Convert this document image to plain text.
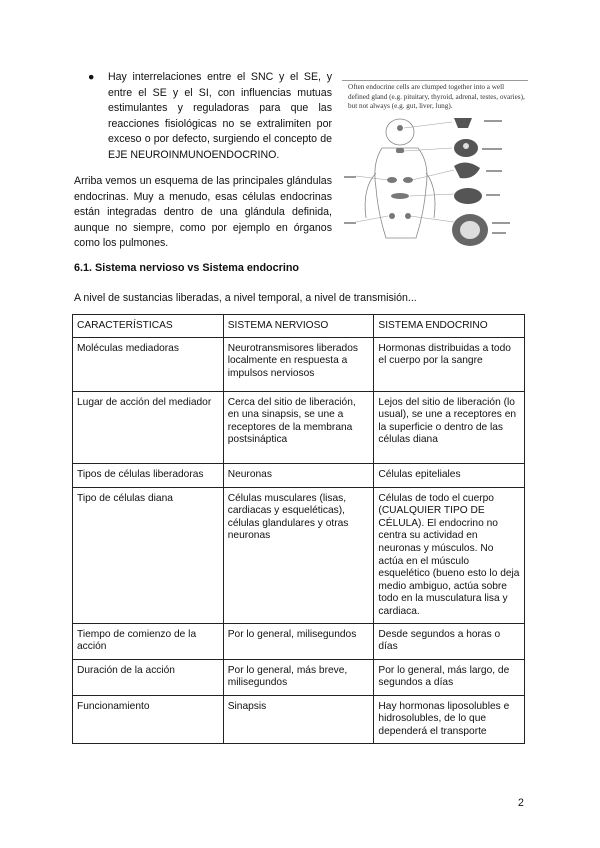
● Hay interrelaciones entre el SNC y el SE, y entre el SE y el SI, con influencias mutuas estimulantes y reguladoras para que las reacciones fisiológicas no se extralimiten por exceso o por defecto, surgiendo el concepto de EJE NEUROINMUNOENDOCRINO.

Arriba vemos un esquema de las principales glándulas endocrinas. Muy a menudo, esas células endocrinas están integradas dentro de una glándula definida, aunque no siempre, como por ejemplo en órganos como los pulmones.

Often endocrine cells are clumped together into a well defined gland (e.g. pituitary, thyroid, adrenal, testes, ovaries), but not always (e.g. gut, liver, lung).
6.1. Sistema nervioso vs Sistema endocrino

A nivel de sustancias liberadas, a nivel temporal, a nivel de transmisión...

CARACTERÍSTICAS	SISTEMA NERVIOSO	SISTEMA ENDOCRINO
Moléculas mediadoras	Neurotransmisores liberados localmente en respuesta a impulsos nerviosos	Hormonas distribuidas a todo el cuerpo por la sangre
Lugar de acción del mediador	Cerca del sitio de liberación, en una sinapsis, se une a receptores de la membrana postsináptica	Lejos del sitio de liberación (lo usual), se une a receptores en la superficie o dentro de las células diana
Tipos de células liberadoras	Neuronas	Células epiteliales
Tipo de células diana	Células musculares (lisas, cardiacas y esqueléticas), células glandulares y otras neuronas	Células de todo el cuerpo (CUALQUIER TIPO DE CÉLULA). El endocrino no centra su actividad en neuronas y músculos. No actúa en el músculo esquelético (bueno esto lo deja medio ambiguo, actúa sobre todo en la musculatura lisa y cardiaca.
Tiempo de comienzo de la acción	Por lo general, milisegundos	Desde segundos a horas o días
Duración de la acción	Por lo general, más breve, milisegundos	Por lo general, más largo, de segundos a días
Funcionamiento	Sinapsis	Hay hormonas liposolubles e hidrosolubles, de lo que dependerá el transporte
2
